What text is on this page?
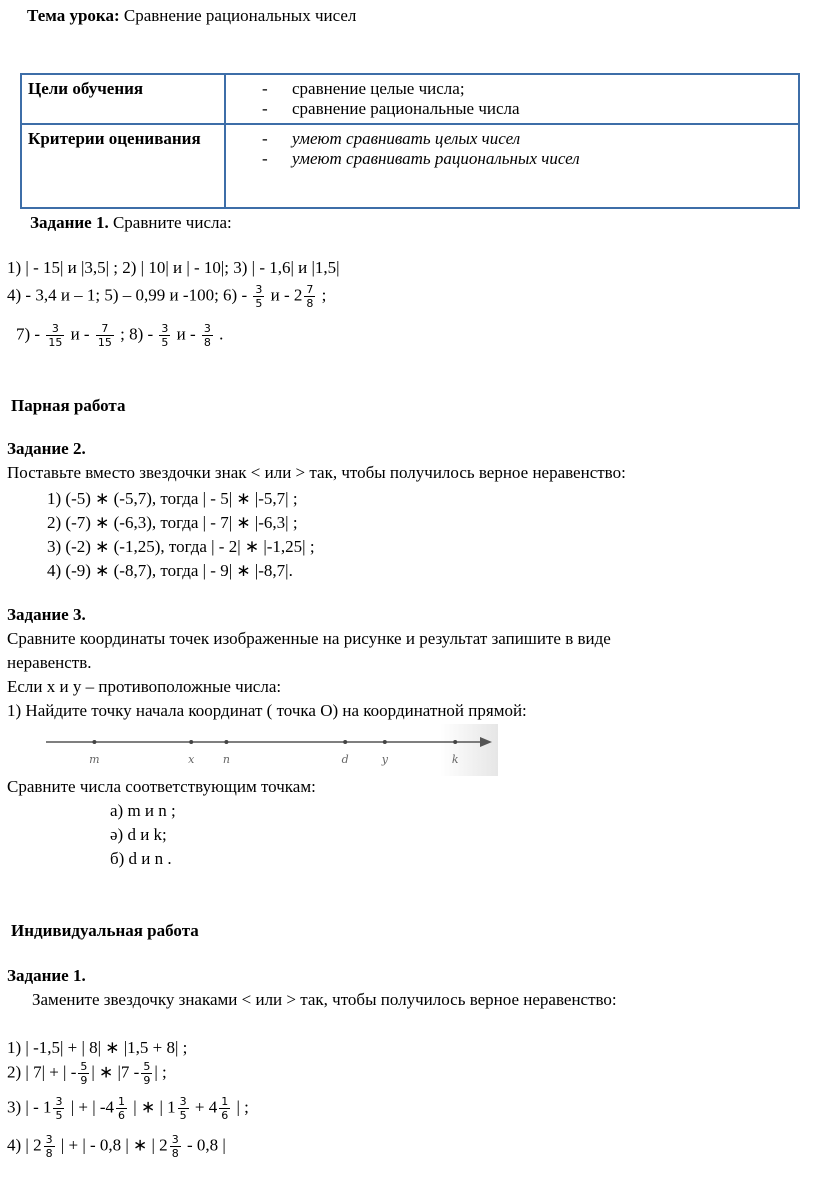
Тема урока: Сравнение рациональных чисел
Цели обучения	- сравнение целые числа;
- сравнение рациональные числа

Критерии оценивания	- умеют сравнивать целых чисел
- умеют сравнивать рациональных чисел
Задание 1. Сравните числа:
1) | - 15| и |3,5| ; 2) | 10| и | - 10|; 3) | - 1,6| и |1,5|
4) - 3,4 и – 1; 5) – 0,99 и -100; $6) - \frac{3}{5}$ и - $2 \frac{7}{8}$ ;
$7) - \frac{3}{15}$ и - $\frac{7}{15}$ ; $8) - \frac{3}{5}$ и - $\frac{3}{8}$ .
Парная работа
Задание 2.
Поставьте вместо звездочки знак < или > так, чтобы получилось верное неравенство:
1) (-5) ∗ (-5,7), тогда | - 5| ∗ |-5,7| ;
2) (-7) ∗ (-6,3), тогда | - 7| ∗ |-6,3| ;
3) (-2) ∗ (-1,25), тогда | - 2| ∗ |-1,25| ;
4) (-9) ∗ (-8,7), тогда | - 9| ∗ |-8,7|.
Задание 3.
Сравните координаты точек изображенные на рисунке и результат запишите в виде
неравенств.
Если x и y – противоположные числа:
1) Найдите точку начала координат ( точка О) на координатной прямой:
m	x	n	d	y	k
Сравните числа соответствующим точкам:
а) m и n ;
ә) d и k;
б) d и n .
Индивидуальная работа
Задание 1.
Замените звездочку знаками < или > так, чтобы получилось верное неравенство:
1) | -1,5| + | 8| ∗ |1,5 + 8| ;
2) | 7| + | - $\frac{5}{9}$ | ∗ $|7 - \frac{5}{9}$ | ;
3) | - $1 \frac{3}{5}$ | + | $-4 \frac{1}{6}$ | ∗ | $1 \frac{3}{5} + 4 \frac{1}{6}$ | ;
4) | $2 \frac{3}{8}$ | + | - 0,8 | ∗ | $2 \frac{3}{8} - 0,8$ |
